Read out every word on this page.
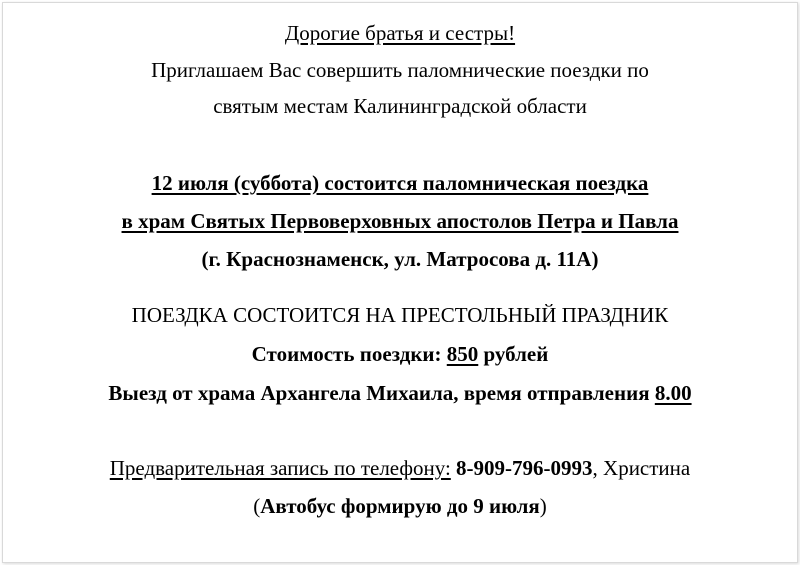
Дорогие братья и сестры!
Приглашаем Вас совершить паломнические поездки по
святым местам Калининградской области
12 июля (суббота) состоится паломническая поездка
в храм Святых Первоверховных апостолов Петра и Павла
(г. Краснознаменск, ул. Матросова д. 11А)
ПОЕЗДКА СОСТОИТСЯ НА ПРЕСТОЛЬНЫЙ ПРАЗДНИК
Стоимость поездки: 850 рублей
Выезд от храма Архангела Михаила, время отправления 8.00
Предварительная запись по телефону: 8-909-796-0993, Христина
(Автобус формирую до 9 июля)
